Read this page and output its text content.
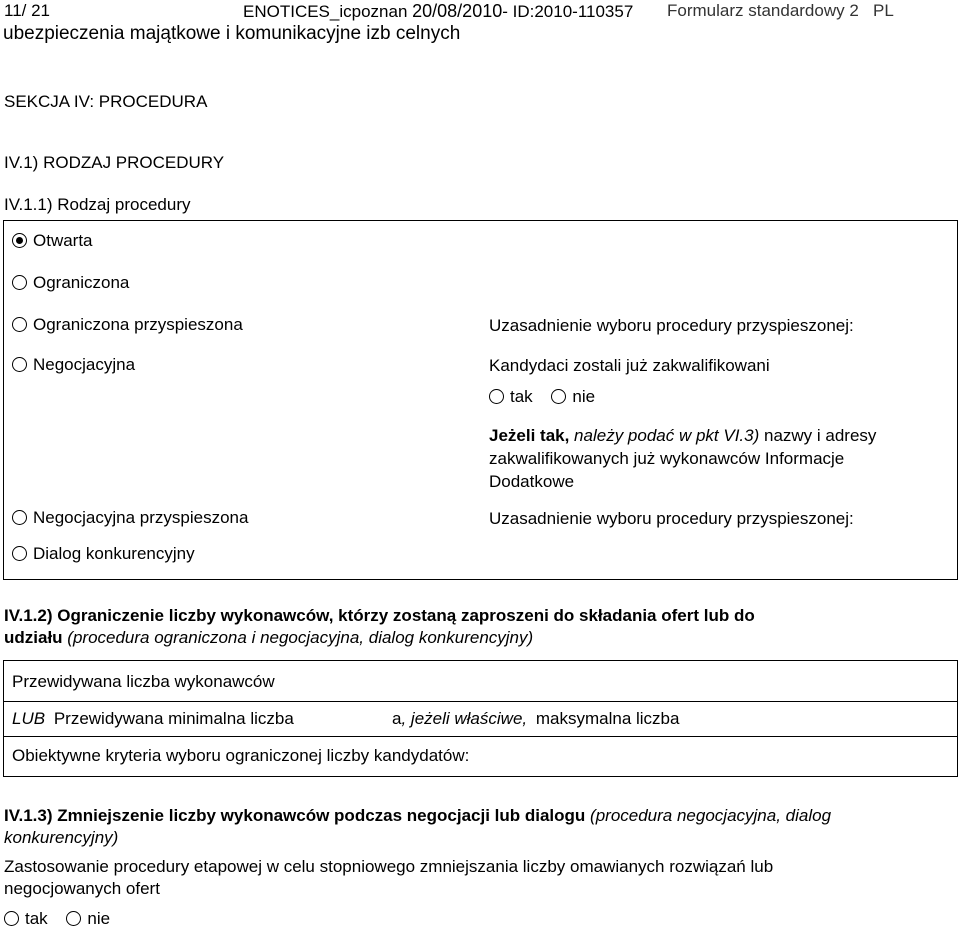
11/ 21	ENOTICES_icpoznan 20/08/2010- ID:2010-110357 Formularz standardowy 2 PL
ubezpieczenia majątkowe i komunikacyjne izb celnych
SEKCJA IV: PROCEDURA
IV.1) RODZAJ PROCEDURY
IV.1.1) Rodzaj procedury
Otwarta
Ograniczona
Ograniczona przyspieszona
Negocjacyjna
Negocjacyjna przyspieszona
Dialog konkurencyjny
Uzasadnienie wyboru procedury przyspieszonej:
Kandydaci zostali już zakwalifikowani
tak nie
Jeżeli tak, należy podać w pkt VI.3) nazwy i adresy
zakwalifikowanych już wykonawców Informacje
Dodatkowe
Uzasadnienie wyboru procedury przyspieszonej:
IV.1.2) Ograniczenie liczby wykonawców, którzy zostaną zaproszeni do składania ofert lub do
udziału (procedura ograniczona i negocjacyjna, dialog konkurencyjny)
Przewidywana liczba wykonawców
LUB Przewidywana minimalna liczba	a, jeżeli właściwe, maksymalna liczba
Obiektywne kryteria wyboru ograniczonej liczby kandydatów:
IV.1.3) Zmniejszenie liczby wykonawców podczas negocjacji lub dialogu (procedura negocjacyjna, dialog
konkurencyjny)
Zastosowanie procedury etapowej w celu stopniowego zmniejszania liczby omawianych rozwiązań lub
negocjowanych ofert
tak nie
